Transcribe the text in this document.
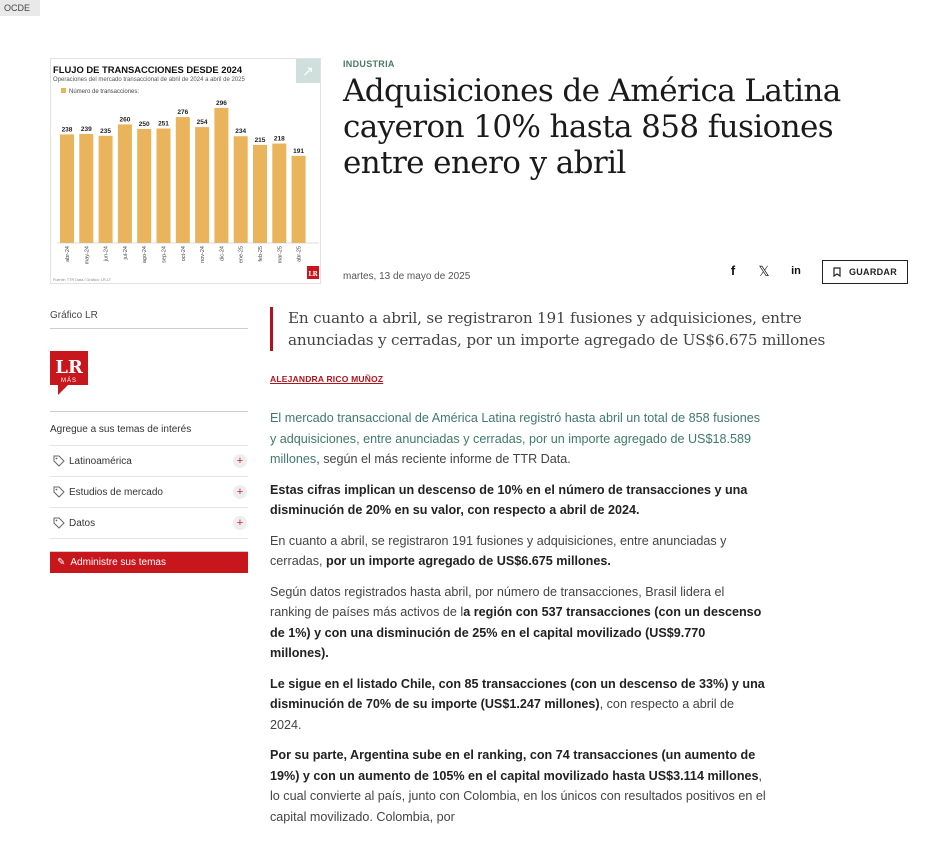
OCDE
FLUJO DE TRANSACCIONES DESDE 2024
Operaciones del mercado transaccional de abril de 2024 a abril de 2025
Número de transacciones:
238
abr-24
239
may-24
235
jun-24
260
jul-24
250
ago-24
251
sep-24
276
oct-24
254
nov-24
296
dic-24
234
ene-25
215
feb-25
218
mar-25
191
abr-25
Fuente: TTR Data / Gráfico: LR-LT
LR
↗	INDUSTRIA
Adquisiciones de América Latina cayeron 10% hasta 858 fusiones entre enero y abril
martes, 13 de mayo de 2025	f	𝕏	in	GUARDAR
Gráfico LR
LR
MÁS
Agregue a sus temas de interés
Latinoamérica	+
Estudios de mercado	+
Datos	+
✎ Administre sus temas
En cuanto a abril, se registraron 191 fusiones y adquisiciones, entre anunciadas y cerradas, por un importe agregado de US$6.675 millones
ALEJANDRA RICO MUÑOZ

El mercado transaccional de América Latina registró hasta abril un total de 858 fusiones y adquisiciones, entre anunciadas y cerradas, por un importe agregado de US$18.589 millones, según el más reciente informe de TTR Data.

Estas cifras implican un descenso de 10% en el número de transacciones y una disminución de 20% en su valor, con respecto a abril de 2024.

En cuanto a abril, se registraron 191 fusiones y adquisiciones, entre anunciadas y cerradas, por un importe agregado de US$6.675 millones.

Según datos registrados hasta abril, por número de transacciones, Brasil lidera el ranking de países más activos de la región con 537 transacciones (con un descenso de 1%) y con una disminución de 25% en el capital movilizado (US$9.770 millones).

Le sigue en el listado Chile, con 85 transacciones (con un descenso de 33%) y una disminución de 70% de su importe (US$1.247 millones), con respecto a abril de 2024.

Por su parte, Argentina sube en el ranking, con 74 transacciones (un aumento de 19%) y con un aumento de 105% en el capital movilizado hasta US$3.114 millones, lo cual convierte al país, junto con Colombia, en los únicos con resultados positivos en el capital movilizado. Colombia, por
